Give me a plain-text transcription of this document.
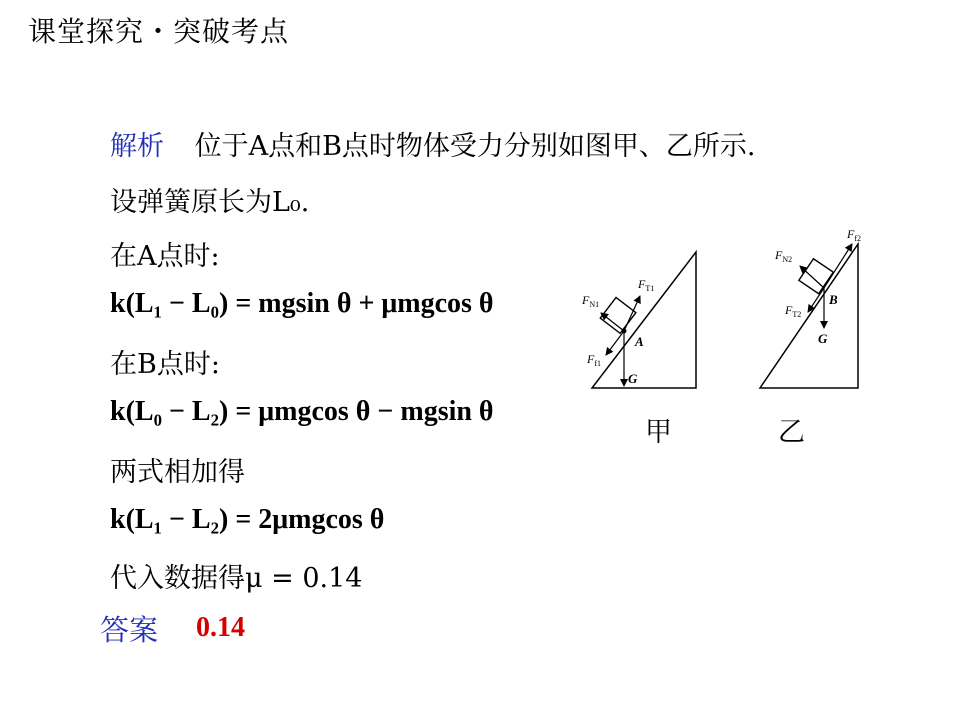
课堂探究・突破考点
解析 位于A点和B点时物体受力分别如图甲、乙所示.
设弹簧原长为L₀.
在A点时:
k(L₁ − L₀) = mgsin θ + μmgcos θ
在B点时:
k(L₀ − L₂) = μmgcos θ − mgsin θ
两式相加得
k(L₁ − L₂) = 2μmgcos θ
代入数据得μ = 0.14
答案 0.14
$F_{T1}$
$F_{N1}$
$F_{f1}$
A
G
$F_{f2}$
$F_{N2}$
$F_{T2}$
B
G
甲	乙
